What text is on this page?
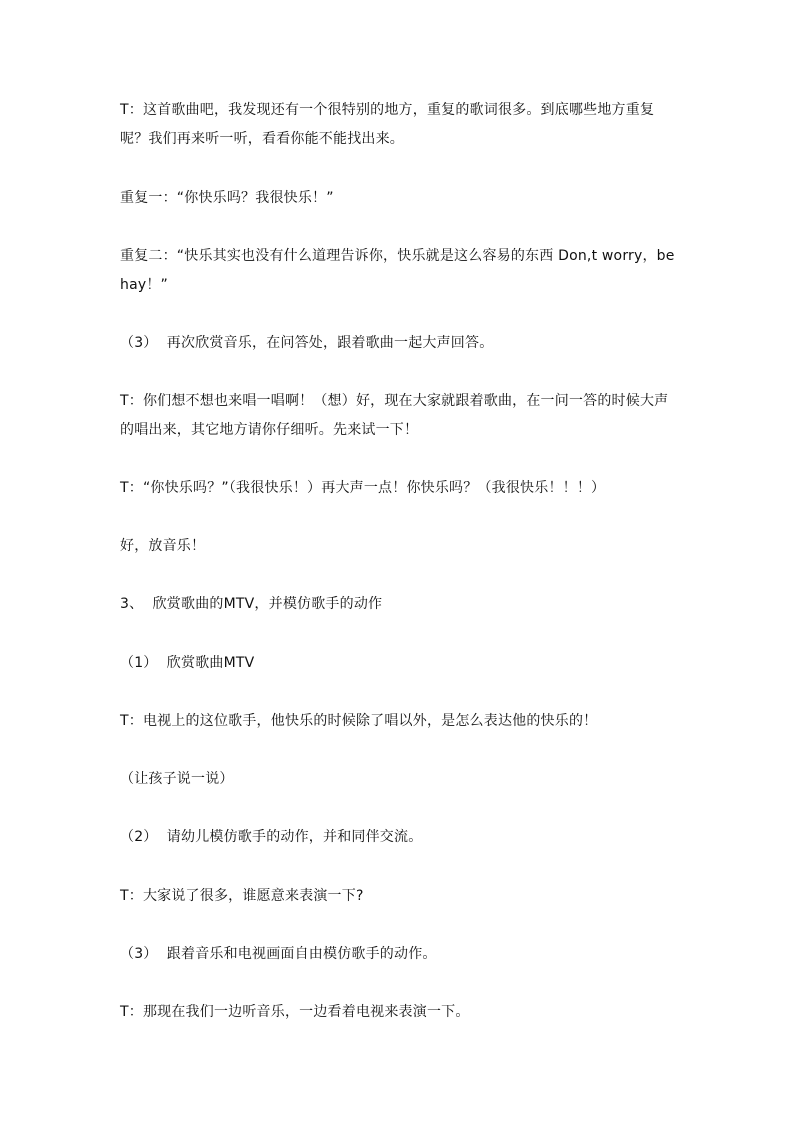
T：这首歌曲吧，我发现还有一个很特别的地方，重复的歌词很多。到底哪些地方重复呢？我们再来听一听，看看你能不能找出来。

重复一：“你快乐吗？我很快乐！”

重复二：“快乐其实也没有什么道理告诉你，快乐就是这么容易的东西 Don,t worry，be  hay！”

（3）  再次欣赏音乐，在问答处，跟着歌曲一起大声回答。

T：你们想不想也来唱一唱啊！（想）好，现在大家就跟着歌曲，在一问一答的时候大声的唱出来，其它地方请你仔细听。先来试一下！

T：“你快乐吗？”（我很快乐！）再大声一点！你快乐吗？（我很快乐！！！）

好，放音乐！

3、  欣赏歌曲的MTV，并模仿歌手的动作

（1）  欣赏歌曲MTV

T：电视上的这位歌手，他快乐的时候除了唱以外，是怎么表达他的快乐的！

（让孩子说一说）

（2）  请幼儿模仿歌手的动作，并和同伴交流。

T：大家说了很多，谁愿意来表演一下?

（3）  跟着音乐和电视画面自由模仿歌手的动作。

T：那现在我们一边听音乐，一边看着电视来表演一下。
